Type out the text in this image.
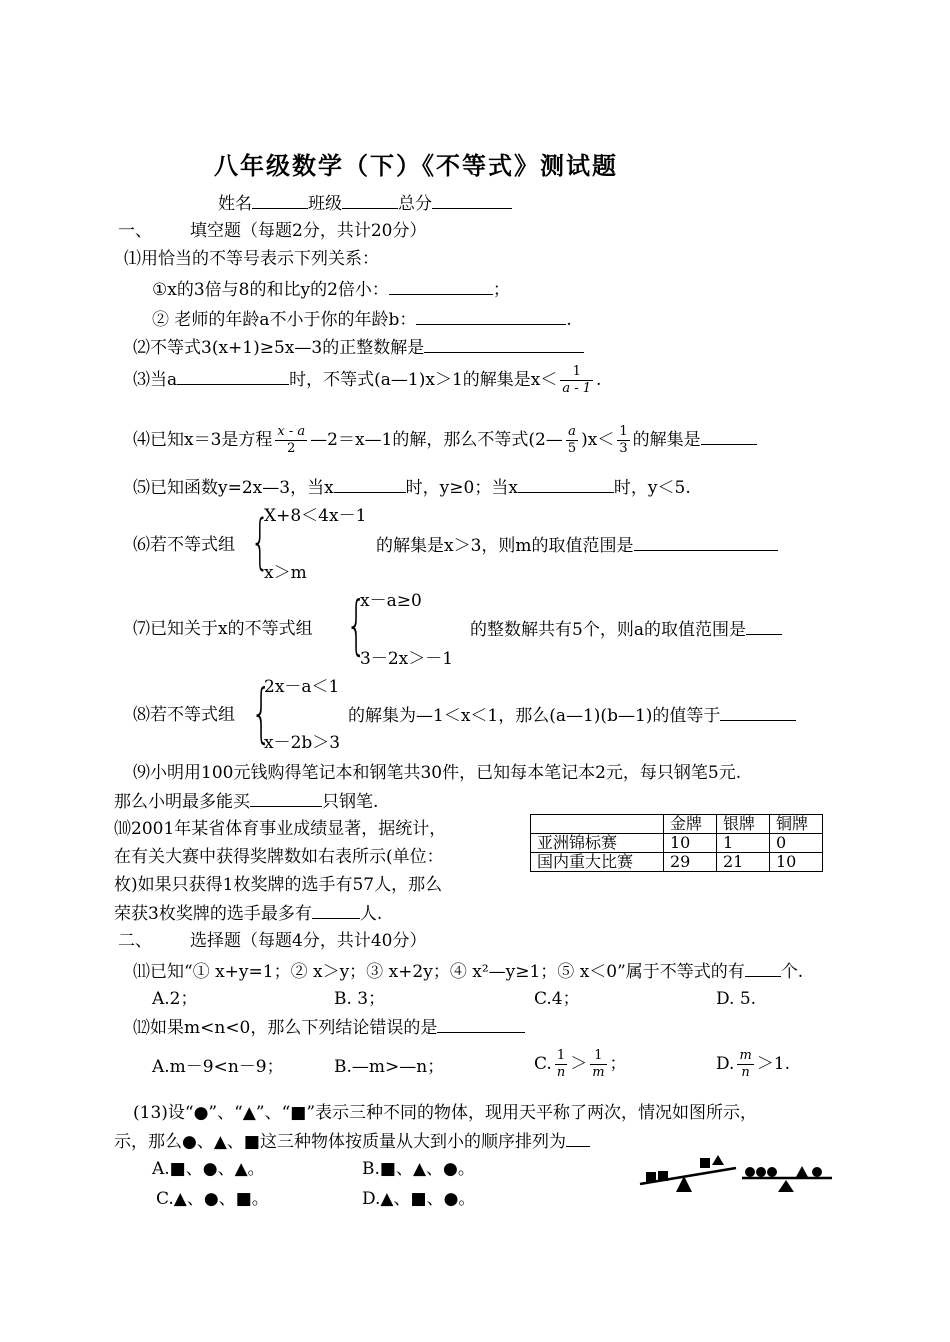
八年级数学（下）《不等式》测试题
姓名	班级	总分
一、 填空题（每题2分，共计20分）
⑴用恰当的不等号表示下列关系：
①x的3倍与8的和比y的2倍小：	；
② 老师的年龄a不小于你的年龄b：	.
⑵不等式3(x+1)≥5x—3的正整数解是
⑶当a	时，不等式(a—1)x＞1的解集是$x< \frac{1}{a - 1}$ .
⑷已知x＝3是方程 $\frac{x - a}{2}$ —2＝x—1的解，那么不等式(2— $\frac{a}{5} )x< \frac{1}{3}$ 的解集是
⑸已知函数y=2x—3，当x	时，y≥0；当x	时，y＜5.
⑹若不等式组 {
X+8＜4x－1
x＞m
的解集是x＞3，则m的取值范围是
⑺已知关于x的不等式组 {
x－a≥0
3－2x＞－1
的整数解共有5个，则a的取值范围是
⑻若不等式组 {
2x－a＜1
x－2b＞3
的解集为—1＜x＜1，那么(a—1)(b—1)的值等于
⑼小明用100元钱购得笔记本和钢笔共30件，已知每本笔记本2元，每只钢笔5元.
那么小明最多能买	只钢笔.
⑽2001年某省体育事业成绩显著，据统计，
在有关大赛中获得奖牌数如右表所示(单位：
枚)如果只获得1枚奖牌的选手有57人，那么
荣获3枚奖牌的选手最多有	人.
	金牌	银牌	铜牌
亚洲锦标赛	10	1	0
国内重大比赛	29	21	10
二、 选择题（每题4分，共计40分）
⑾已知“① x+y=1；② x＞y；③ x+2y；④ x²—y≥1；⑤ x＜0”属于不等式的有 个.
A.2；	B. 3；	C.4；	D. 5.
⑿如果m<n<0，那么下列结论错误的是
A.m－9<n－9；	B.—m>—n；	C. $\frac{1}{n} > \frac{1}{m}$ ；	D. $\frac{m}{n} >1$.
(13)设“●”、“▲”、“■”表示三种不同的物体，现用天平称了两次，情况如图所示，
示，那么●、▲、■这三种物体按质量从大到小的顺序排列为
A.■、●、▲。	B.■、▲、●。
C.▲、●、■。	D.▲、■、●。
